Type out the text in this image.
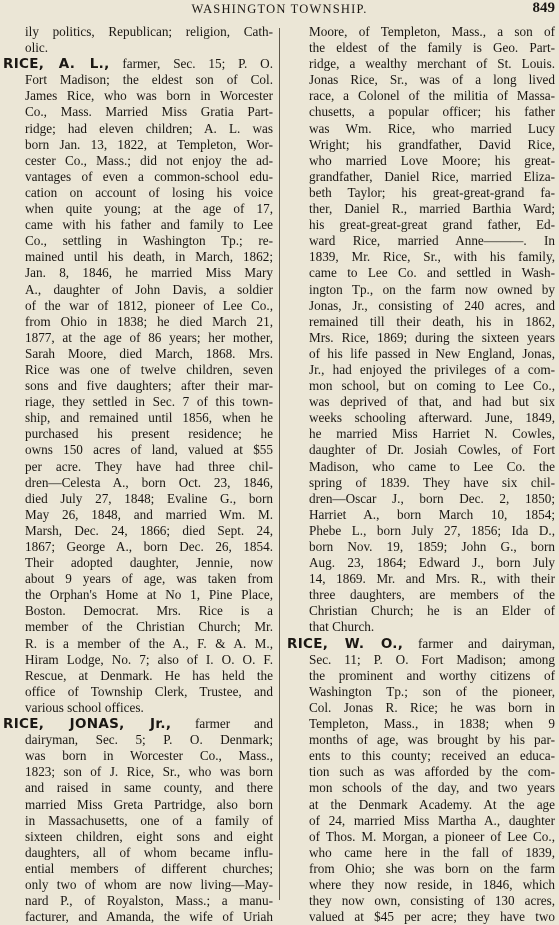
WASHINGTON TOWNSHIP.	849
ily politics, Republican; religion, Cath-
olic.
RICE, A. L., farmer, Sec. 15; P. O.
Fort Madison; the eldest son of Col.
James Rice, who was born in Worcester
Co., Mass. Married Miss Gratia Part-
ridge; had eleven children; A. L. was
born Jan. 13, 1822, at Templeton, Wor-
cester Co., Mass.; did not enjoy the ad-
vantages of even a common-school edu-
cation on account of losing his voice
when quite young; at the age of 17,
came with his father and family to Lee
Co., settling in Washington Tp.; re-
mained until his death, in March, 1862;
Jan. 8, 1846, he married Miss Mary
A., daughter of John Davis, a soldier
of the war of 1812, pioneer of Lee Co.,
from Ohio in 1838; he died March 21,
1877, at the age of 86 years; her mother,
Sarah Moore, died March, 1868. Mrs.
Rice was one of twelve children, seven
sons and five daughters; after their mar-
riage, they settled in Sec. 7 of this town-
ship, and remained until 1856, when he
purchased his present residence; he
owns 150 acres of land, valued at $55
per acre. They have had three chil-
dren—Celesta A., born Oct. 23, 1846,
died July 27, 1848; Evaline G., born
May 26, 1848, and married Wm. M.
Marsh, Dec. 24, 1866; died Sept. 24,
1867; George A., born Dec. 26, 1854.
Their adopted daughter, Jennie, now
about 9 years of age, was taken from
the Orphan's Home at No 1, Pine Place,
Boston. Democrat. Mrs. Rice is a
member of the Christian Church; Mr.
R. is a member of the A., F. & A. M.,
Hiram Lodge, No. 7; also of I. O. O. F.
Rescue, at Denmark. He has held the
office of Township Clerk, Trustee, and
various school offices.
RICE, JONAS, Jr., farmer and
dairyman, Sec. 5; P. O. Denmark;
was born in Worcester Co., Mass.,
1823; son of J. Rice, Sr., who was born
and raised in same county, and there
married Miss Greta Partridge, also born
in Massachusetts, one of a family of
sixteen children, eight sons and eight
daughters, all of whom became influ-
ential members of different churches;
only two of whom are now living—May-
nard P., of Royalston, Mass.; a manu-
facturer, and Amanda, the wife of Uriah
Moore, of Templeton, Mass., a son of
the eldest of the family is Geo. Part-
ridge, a wealthy merchant of St. Louis.
Jonas Rice, Sr., was of a long lived
race, a Colonel of the militia of Massa-
chusetts, a popular officer; his father
was Wm. Rice, who married Lucy
Wright; his grandfather, David Rice,
who married Love Moore; his great-
grandfather, Daniel Rice, married Eliza-
beth Taylor; his great-great-grand fa-
ther, Daniel R., married Barthia Ward;
his great-great-great grand father, Ed-
ward Rice, married Anne———. In
1839, Mr. Rice, Sr., with his family,
came to Lee Co. and settled in Wash-
ington Tp., on the farm now owned by
Jonas, Jr., consisting of 240 acres, and
remained till their death, his in 1862,
Mrs. Rice, 1869; during the sixteen years
of his life passed in New England, Jonas,
Jr., had enjoyed the privileges of a com-
mon school, but on coming to Lee Co.,
was deprived of that, and had but six
weeks schooling afterward. June, 1849,
he married Miss Harriet N. Cowles,
daughter of Dr. Josiah Cowles, of Fort
Madison, who came to Lee Co. the
spring of 1839. They have six chil-
dren—Oscar J., born Dec. 2, 1850;
Harriet A., born March 10, 1854;
Phebe L., born July 27, 1856; Ida D.,
born Nov. 19, 1859; John G., born
Aug. 23, 1864; Edward J., born July
14, 1869. Mr. and Mrs. R., with their
three daughters, are members of the
Christian Church; he is an Elder of
that Church.
RICE, W. O., farmer and dairyman,
Sec. 11; P. O. Fort Madison; among
the prominent and worthy citizens of
Washington Tp.; son of the pioneer,
Col. Jonas R. Rice; he was born in
Templeton, Mass., in 1838; when 9
months of age, was brought by his par-
ents to this county; received an educa-
tion such as was afforded by the com-
mon schools of the day, and two years
at the Denmark Academy. At the age
of 24, married Miss Martha A., daughter
of Thos. M. Morgan, a pioneer of Lee Co.,
who came here in the fall of 1839,
from Ohio; she was born on the farm
where they now reside, in 1846, which
they now own, consisting of 130 acres,
valued at $45 per acre; they have two
